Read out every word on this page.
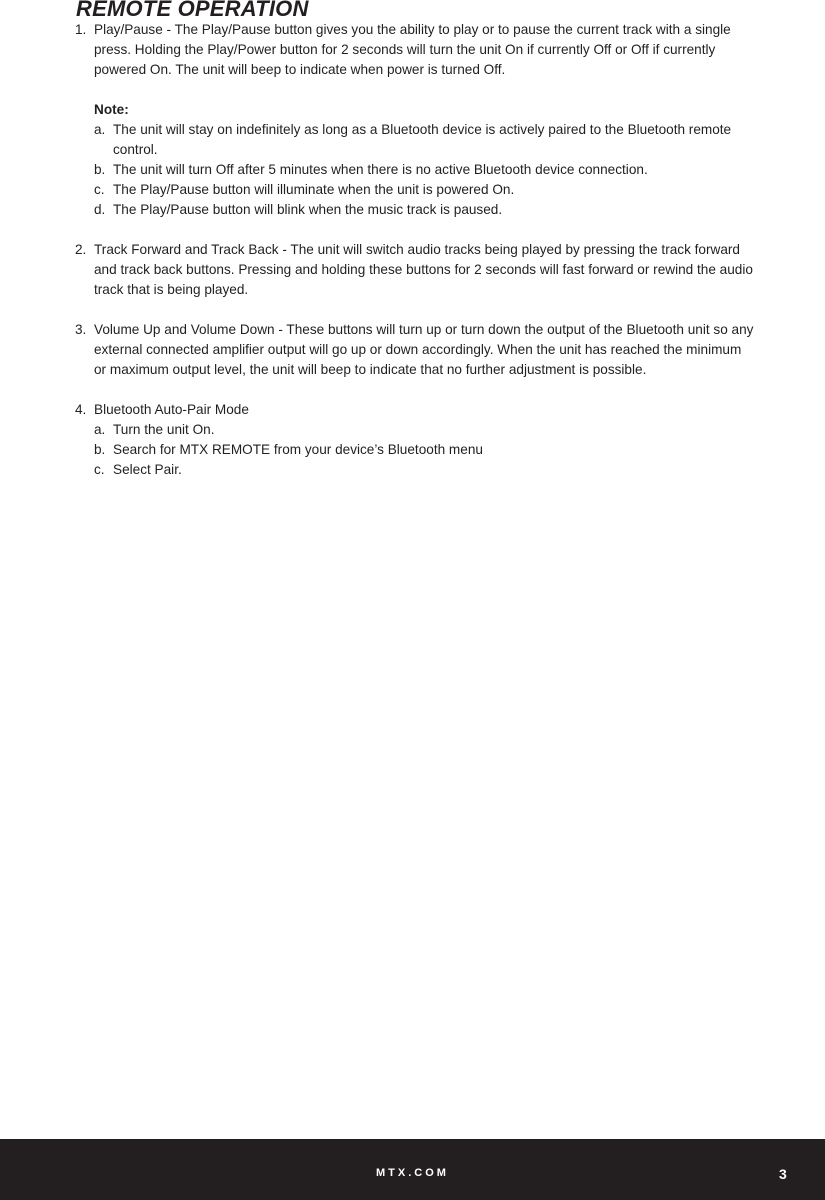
REMOTE OPERATION
1. Play/Pause - The Play/Pause button gives you the ability to play or to pause the current track with a single press. Holding the Play/Power button for 2 seconds will turn the unit On if currently Off or Off if currently powered On. The unit will beep to indicate when power is turned Off.
Note:
a. The unit will stay on indefinitely as long as a Bluetooth device is actively paired to the Bluetooth remote control.
b. The unit will turn Off after 5 minutes when there is no active Bluetooth device connection.
c. The Play/Pause button will illuminate when the unit is powered On.
d. The Play/Pause button will blink when the music track is paused.
2. Track Forward and Track Back - The unit will switch audio tracks being played by pressing the track forward and track back buttons. Pressing and holding these buttons for 2 seconds will fast forward or rewind the audio track that is being played.
3. Volume Up and Volume Down - These buttons will turn up or turn down the output of the Bluetooth unit so any external connected amplifier output will go up or down accordingly. When the unit has reached the minimum or maximum output level, the unit will beep to indicate that no further adjustment is possible.
4. Bluetooth Auto-Pair Mode
a. Turn the unit On.
b. Search for MTX REMOTE from your device’s Bluetooth menu
c. Select Pair.
MTX.COM	3
